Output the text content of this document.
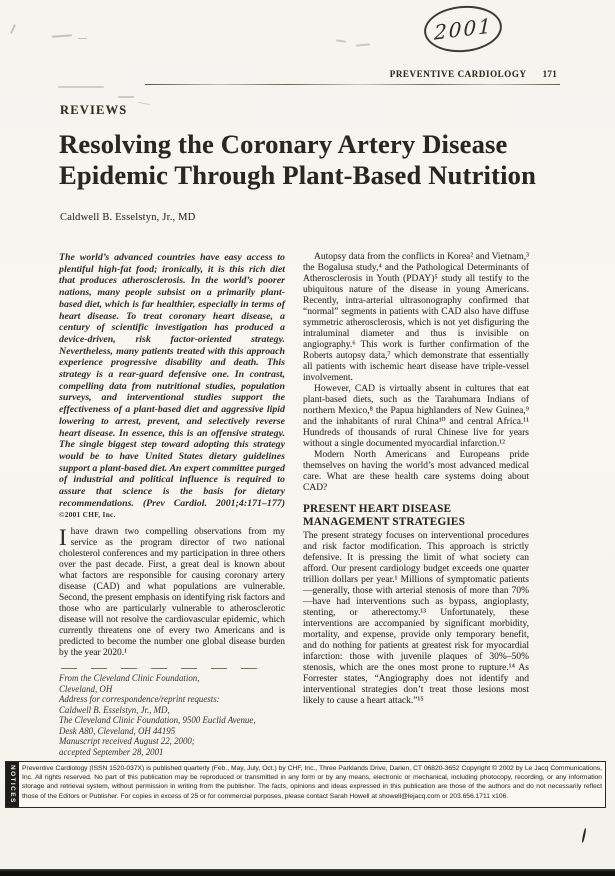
2001
PREVENTIVE CARDIOLOGY 171
REVIEWS
Resolving the Coronary Artery Disease
Epidemic Through Plant-Based Nutrition
Caldwell B. Esselstyn, Jr., MD
The world’s advanced countries have easy access to plentiful high-fat food; ironically, it is this rich diet that produces atherosclerosis. In the world’s poorer nations, many people subsist on a primarily plant-based diet, which is far healthier, especially in terms of heart disease. To treat coronary heart disease, a century of scientific investigation has produced a device-driven, risk factor-oriented strategy. Nevertheless, many patients treated with this approach experience progressive disability and death. This strategy is a rear-guard defensive one. In contrast, compelling data from nutritional studies, population surveys, and interventional studies support the effectiveness of a plant-based diet and aggressive lipid lowering to arrest, prevent, and selectively reverse heart disease. In essence, this is an offensive strategy. The single biggest step toward adopting this strategy would be to have United States dietary guidelines support a plant-based diet. An expert committee purged of industrial and political influence is required to assure that science is the basis for dietary recommendations. (Prev Cardiol. 2001;4:171–177) ©2001 CHF, Inc.
Ihave drawn two compelling observations from my service as the program director of two national cholesterol conferences and my participation in three others over the past decade. First, a great deal is known about what factors are responsible for causing coronary artery disease (CAD) and what populations are vulnerable. Second, the present emphasis on identifying risk factors and those who are particularly vulnerable to atherosclerotic disease will not resolve the cardiovascular epidemic, which currently threatens one of every two Americans and is predicted to become the number one global disease burden by the year 2020.¹
From the Cleveland Clinic Foundation,
Cleveland, OH
Address for correspondence/reprint requests:
Caldwell B. Esselstyn, Jr., MD,
The Cleveland Clinic Foundation, 9500 Euclid Avenue,
Desk A80, Cleveland, OH 44195
Manuscript received August 22, 2000;
accepted September 28, 2001

Autopsy data from the conflicts in Korea² and Vietnam,³ the Bogalusa study,⁴ and the Pathological Determinants of Atherosclerosis in Youth (PDAY)⁵ study all testify to the ubiquitous nature of the disease in young Americans. Recently, intra-arterial ultrasonography confirmed that “normal” segments in patients with CAD also have diffuse symmetric atherosclerosis, which is not yet disfiguring the intraluminal diameter and thus is invisible on angiography.⁶ This work is further confirmation of the Roberts autopsy data,⁷ which demonstrate that essentially all patients with ischemic heart disease have triple-vessel involvement.

However, CAD is virtually absent in cultures that eat plant-based diets, such as the Tarahumara Indians of northern Mexico,⁸ the Papua highlanders of New Guinea,⁹ and the inhabitants of rural China¹⁰ and central Africa.¹¹ Hundreds of thousands of rural Chinese live for years without a single documented myocardial infarction.¹²

Modern North Americans and Europeans pride themselves on having the world’s most advanced medical care. What are these health care systems doing about CAD?

PRESENT HEART DISEASE
MANAGEMENT STRATEGIES

The present strategy focuses on interventional procedures and risk factor modification. This approach is strictly defensive. It is pressing the limit of what society can afford. Our present cardiology budget exceeds one quarter trillion dollars per year.¹ Millions of symptomatic patients—generally, those with arterial stenosis of more than 70%—have had interventions such as bypass, angioplasty, stenting, or atherectomy.¹³ Unfortunately, these interventions are accompanied by significant morbidity, mortality, and expense, provide only temporary benefit, and do nothing for patients at greatest risk for myocardial infarction: those with juvenile plaques of 30%–50% stenosis, which are the ones most prone to rupture.¹⁴ As Forrester states, “Angiography does not identify and interventional strategies don’t treat those lesions most likely to cause a heart attack.”¹⁵

NOTICES Preventive Cardiology (ISSN 1520-037X) is published quarterly (Feb., May, July, Oct.) by CHF, Inc., Three Parklands Drive, Darien, CT 06820-3652 Copyright © 2002 by Le Jacq Communications, Inc. All rights reserved. No part of this publication may be reproduced or transmitted in any form or by any means, electronic or mechanical, including photocopy, recording, or any information storage and retrieval system, without permission in writing from the publisher. The facts, opinions and ideas expressed in this publication are those of the authors and do not necessarily reflect those of the Editors or Publisher. For copies in excess of 25 or for commercial purposes, please contact Sarah Howell at showell@lejacq.com or 203.656.1711 x106.
